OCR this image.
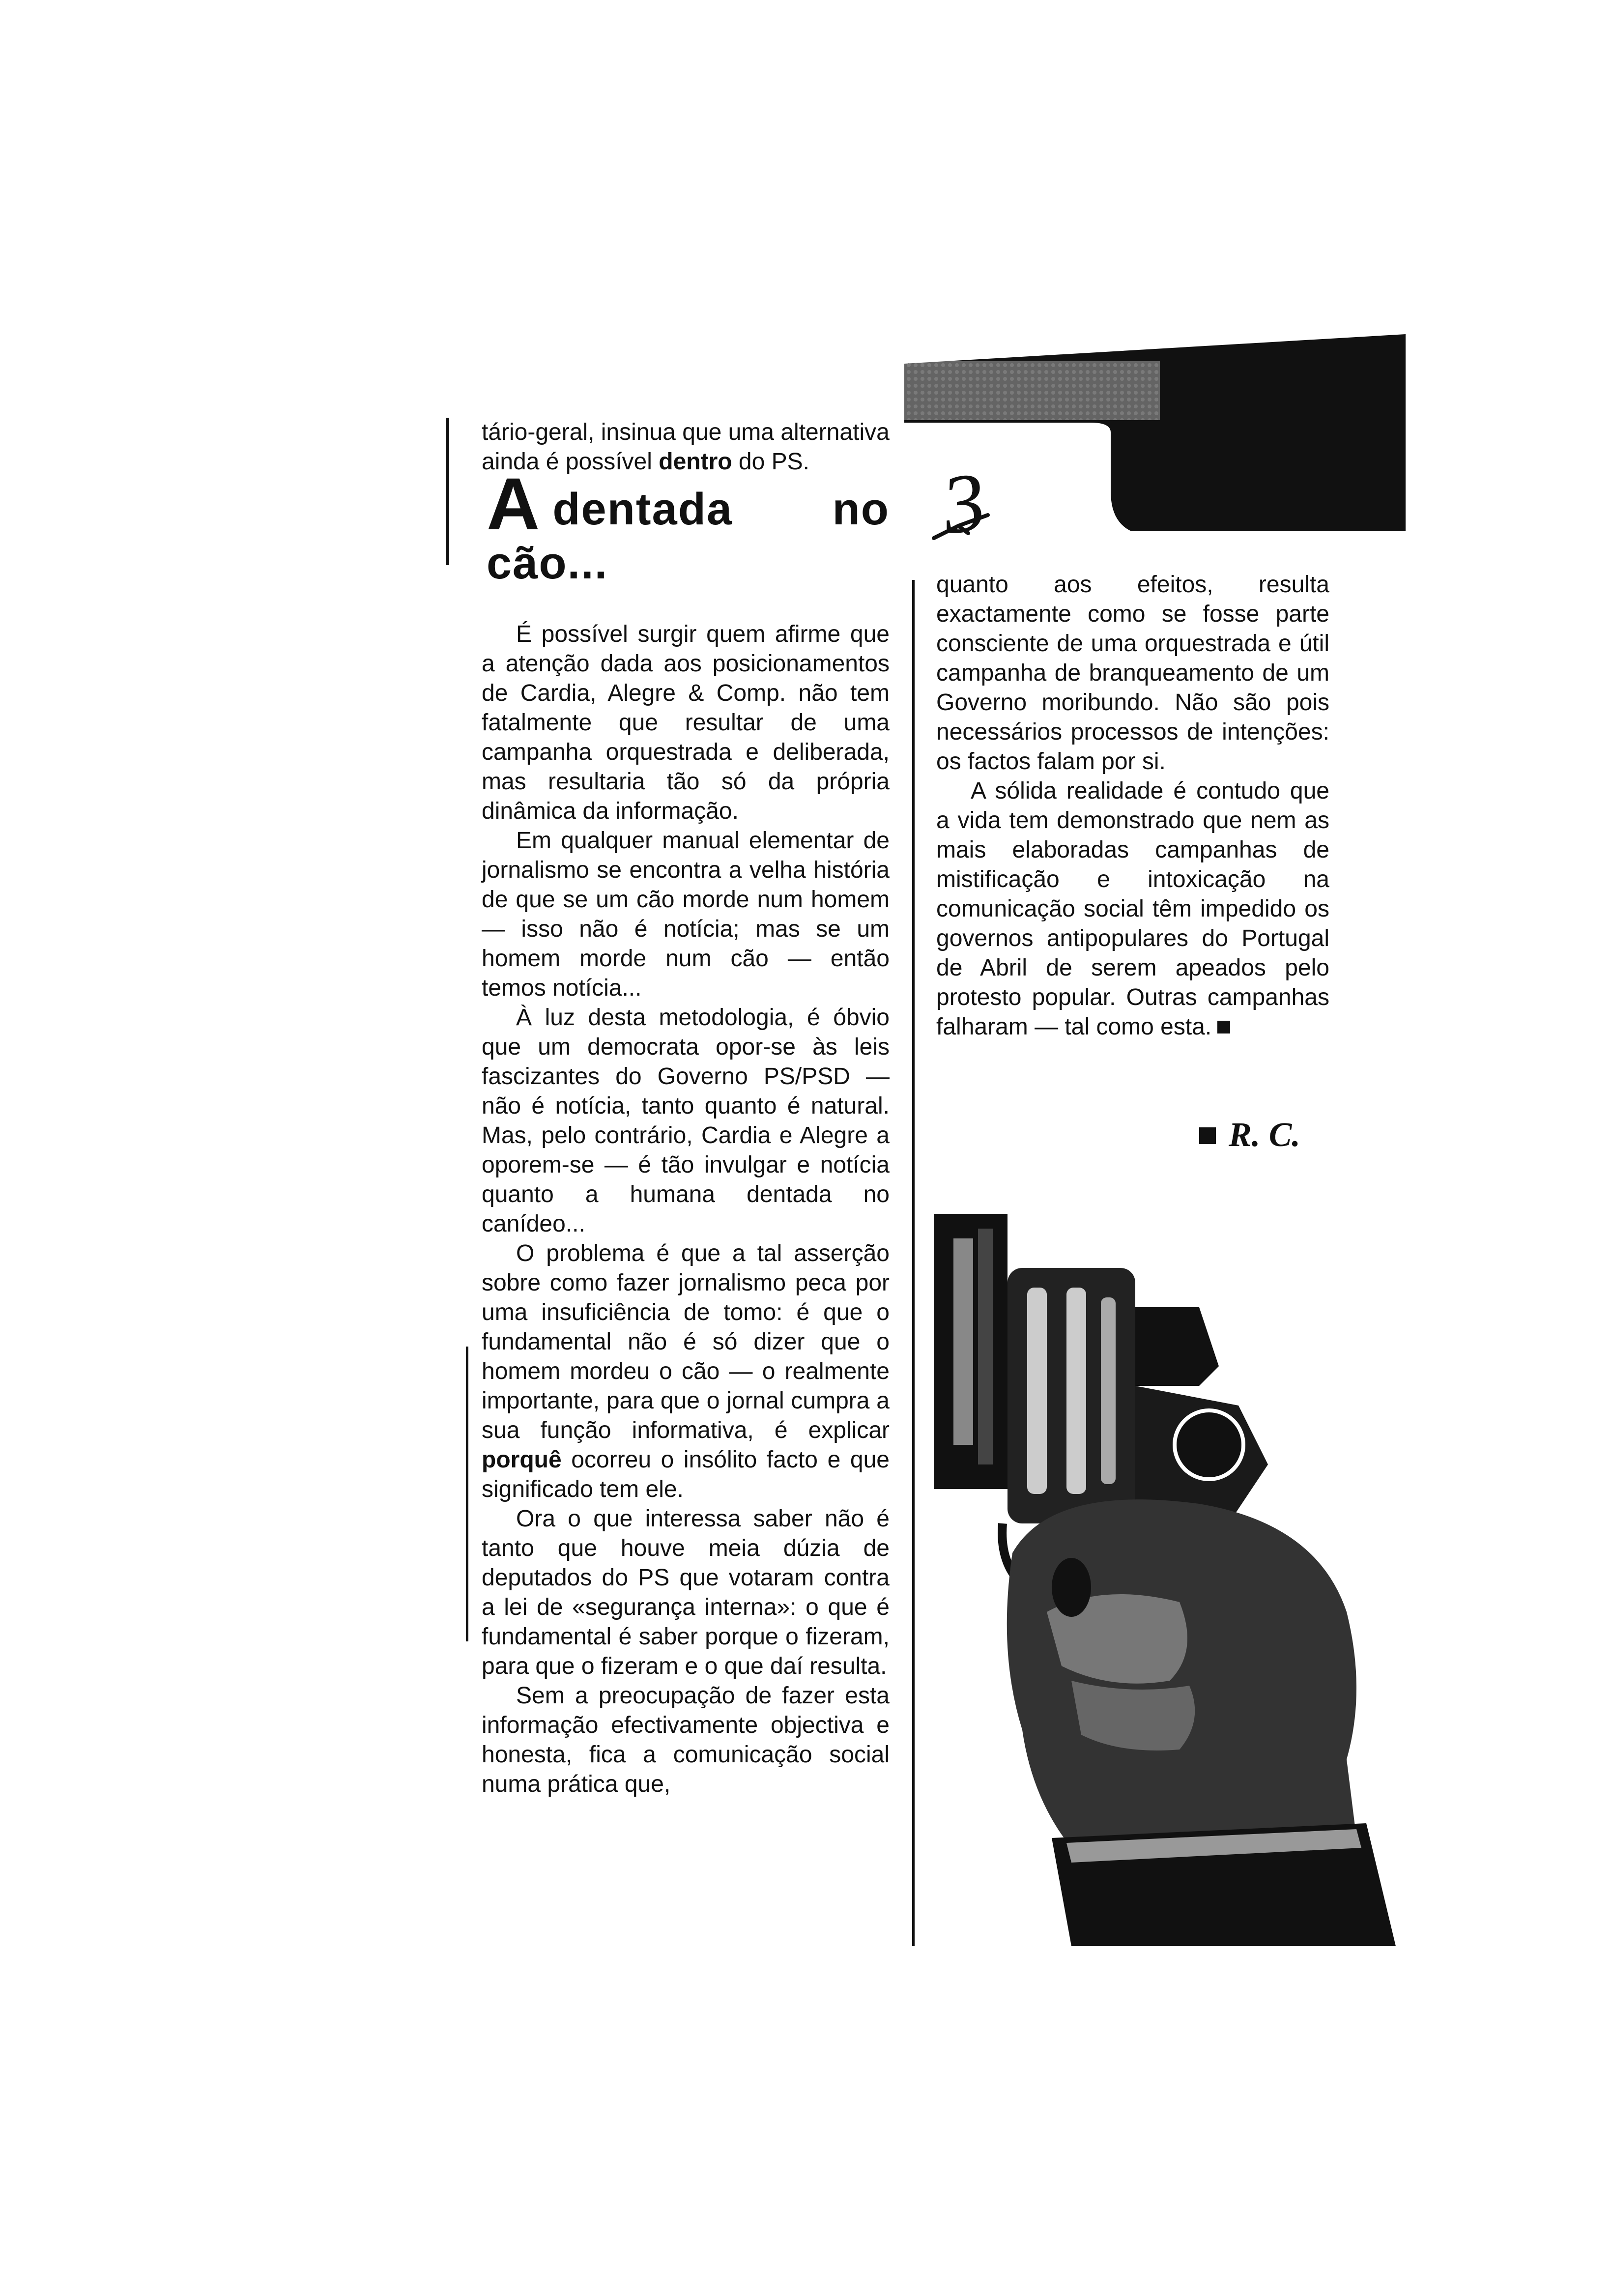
3

tário-geral, insinua que uma alternativa ainda é possível dentro do PS.

Adentada no cão...

É possível surgir quem afirme que a atenção dada aos posicionamentos de Cardia, Alegre & Comp. não tem fatalmente que resultar de uma campanha orquestrada e deliberada, mas resultaria tão só da própria dinâmica da informação.

Em qualquer manual elementar de jornalismo se encontra a velha história de que se um cão morde num homem — isso não é notícia; mas se um homem morde num cão — então temos notícia...

À luz desta metodologia, é óbvio que um democrata opor-se às leis fascizantes do Governo PS/PSD — não é notícia, tanto quanto é natural. Mas, pelo contrário, Cardia e Alegre a oporem-se — é tão invulgar e notícia quanto a humana dentada no canídeo...

O problema é que a tal asserção sobre como fazer jornalismo peca por uma insuficiência de tomo: é que o fundamental não é só dizer que o homem mordeu o cão — o realmente importante, para que o jornal cumpra a sua função informativa, é explicar porquê ocorreu o insólito facto e que significado tem ele.

Ora o que interessa saber não é tanto que houve meia dúzia de deputados do PS que votaram contra a lei de «segurança interna»: o que é fundamental é saber porque o fizeram, para que o fizeram e o que daí resulta.

Sem a preocupação de fazer esta informação efectivamente objectiva e honesta, fica a comunicação social numa prática que,

quanto aos efeitos, resulta exactamente como se fosse parte consciente de uma orquestrada e útil campanha de branqueamento de um Governo moribundo. Não são pois necessários processos de intenções: os factos falam por si.

A sólida realidade é contudo que a vida tem demonstrado que nem as mais elaboradas campanhas de mistificação e intoxicação na comunicação social têm impedido os governos antipopulares do Portugal de Abril de serem apeados pelo protesto popular. Outras campanhas falharam — tal como esta.

R. C.
